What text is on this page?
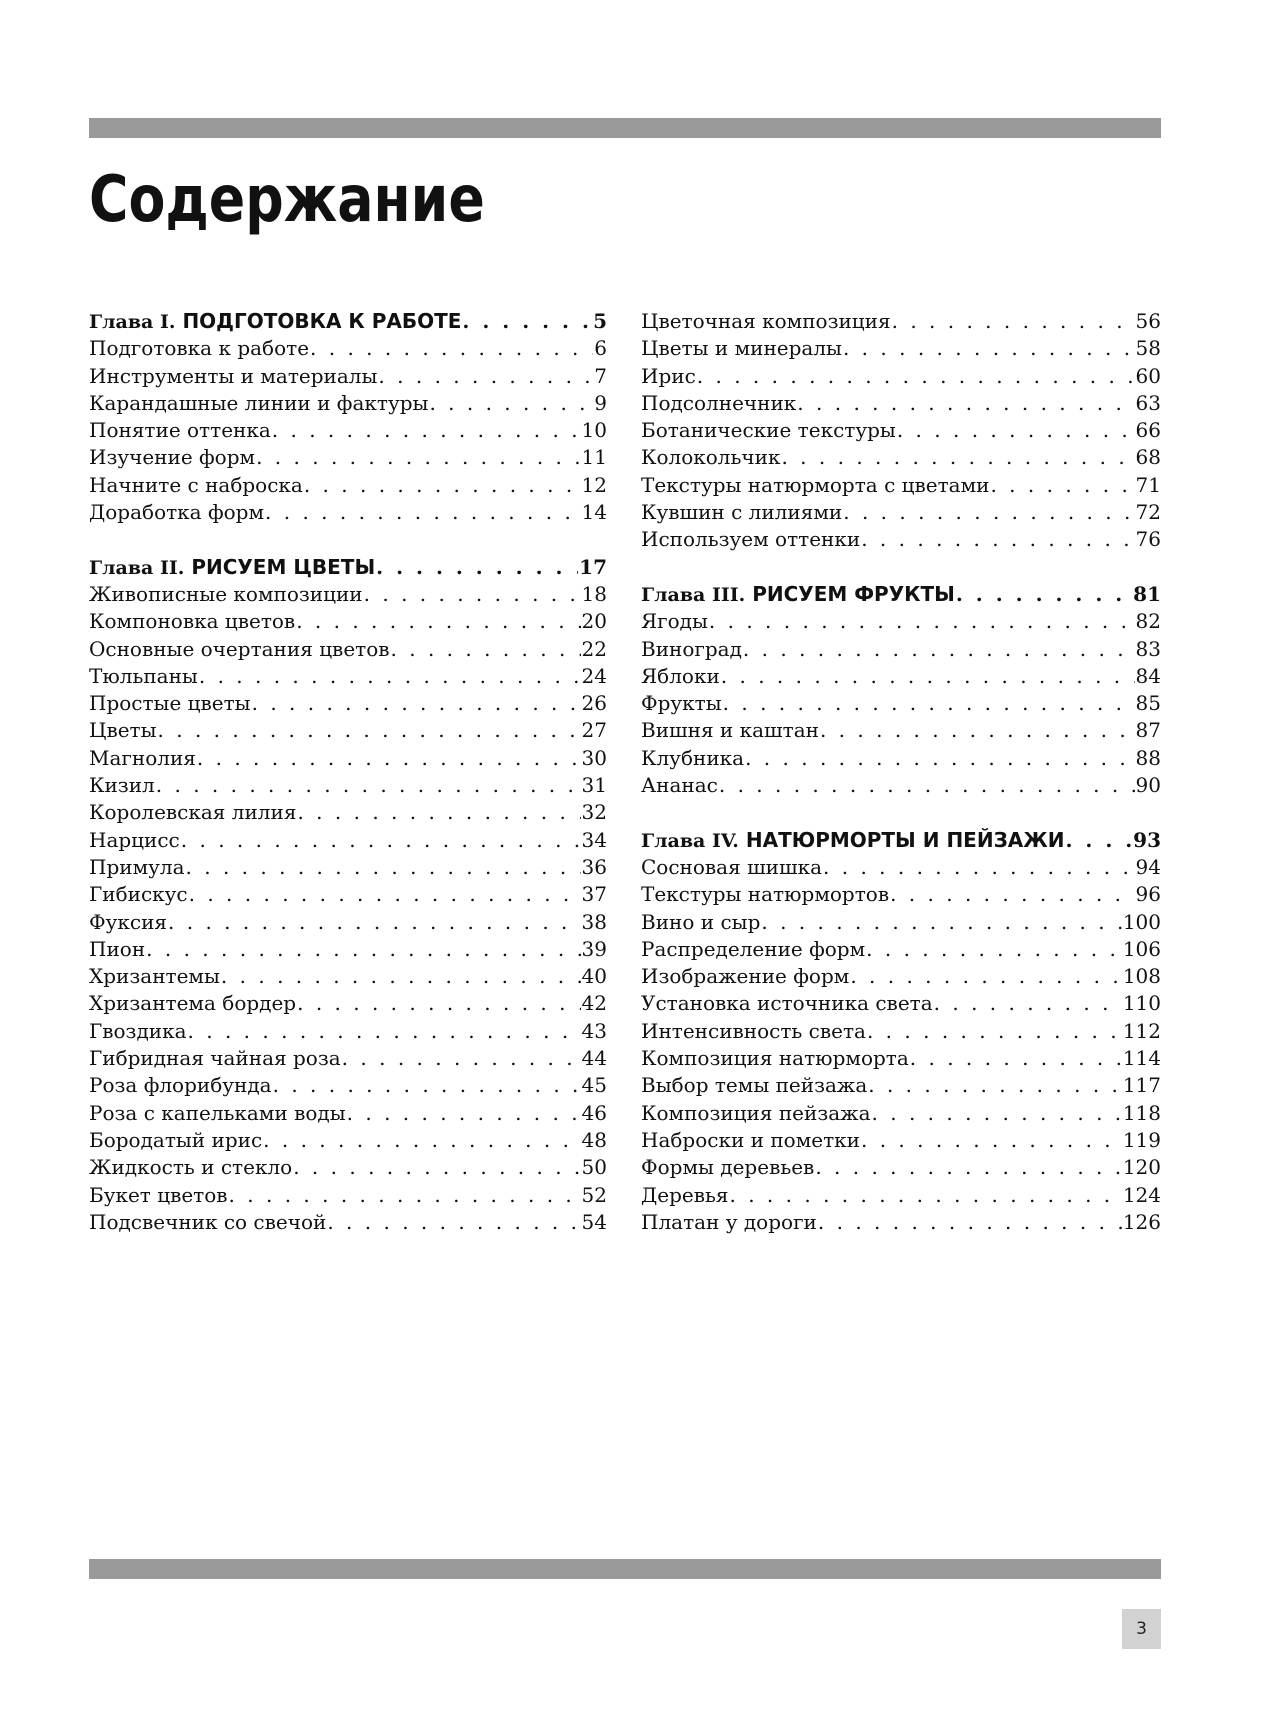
Содержание
Глава I. ПОДГОТОВКА К РАБОТЕ . . .	5
Подготовка к работе . . .	6
Инструменты и материалы . . .	7
Карандашные линии и фактуры . . .	9
Понятие оттенка . . .	10
Изучение форм . . .	11
Начните с наброска . . .	12
Доработка форм . . .	14
Глава II. РИСУЕМ ЦВЕТЫ . . .	17
Живописные композиции . . .	18
Компоновка цветов . . .	20
Основные очертания цветов . . .	22
Тюльпаны . . .	24
Простые цветы . . .	26
Цветы . . .	27
Магнолия . . .	30
Кизил . . .	31
Королевская лилия . . .	32
Нарцисс . . .	34
Примула . . .	36
Гибискус . . .	37
Фуксия . . .	38
Пион . . .	39
Хризантемы . . .	40
Хризантема бордер . . .	42
Гвоздика . . .	43
Гибридная чайная роза . . .	44
Роза флорибунда . . .	45
Роза с капельками воды . . .	46
Бородатый ирис . . .	48
Жидкость и стекло . . .	50
Букет цветов . . .	52
Подсвечник со свечой . . .	54
Цветочная композиция . . .	56
Цветы и минералы . . .	58
Ирис . . .	60
Подсолнечник . . .	63
Ботанические текстуры . . .	66
Колокольчик . . .	68
Текстуры натюрморта с цветами . . .	71
Кувшин с лилиями . . .	72
Используем оттенки . . .	76
Глава III. РИСУЕМ ФРУКТЫ . . .	81
Ягоды . . .	82
Виноград . . .	83
Яблоки . . .	84
Фрукты . . .	85
Вишня и каштан . . .	87
Клубника . . .	88
Ананас . . .	90
Глава IV. НАТЮРМОРТЫ И ПЕЙЗАЖИ . . .	93
Сосновая шишка . . .	94
Текстуры натюрмортов . . .	96
Вино и сыр . . .	100
Распределение форм . . .	106
Изображение форм . . .	108
Установка источника света . . .	110
Интенсивность света . . .	112
Композиция натюрморта . . .	114
Выбор темы пейзажа . . .	117
Композиция пейзажа . . .	118
Наброски и пометки . . .	119
Формы деревьев . . .	120
Деревья . . .	124
Платан у дороги . . .	126
3
